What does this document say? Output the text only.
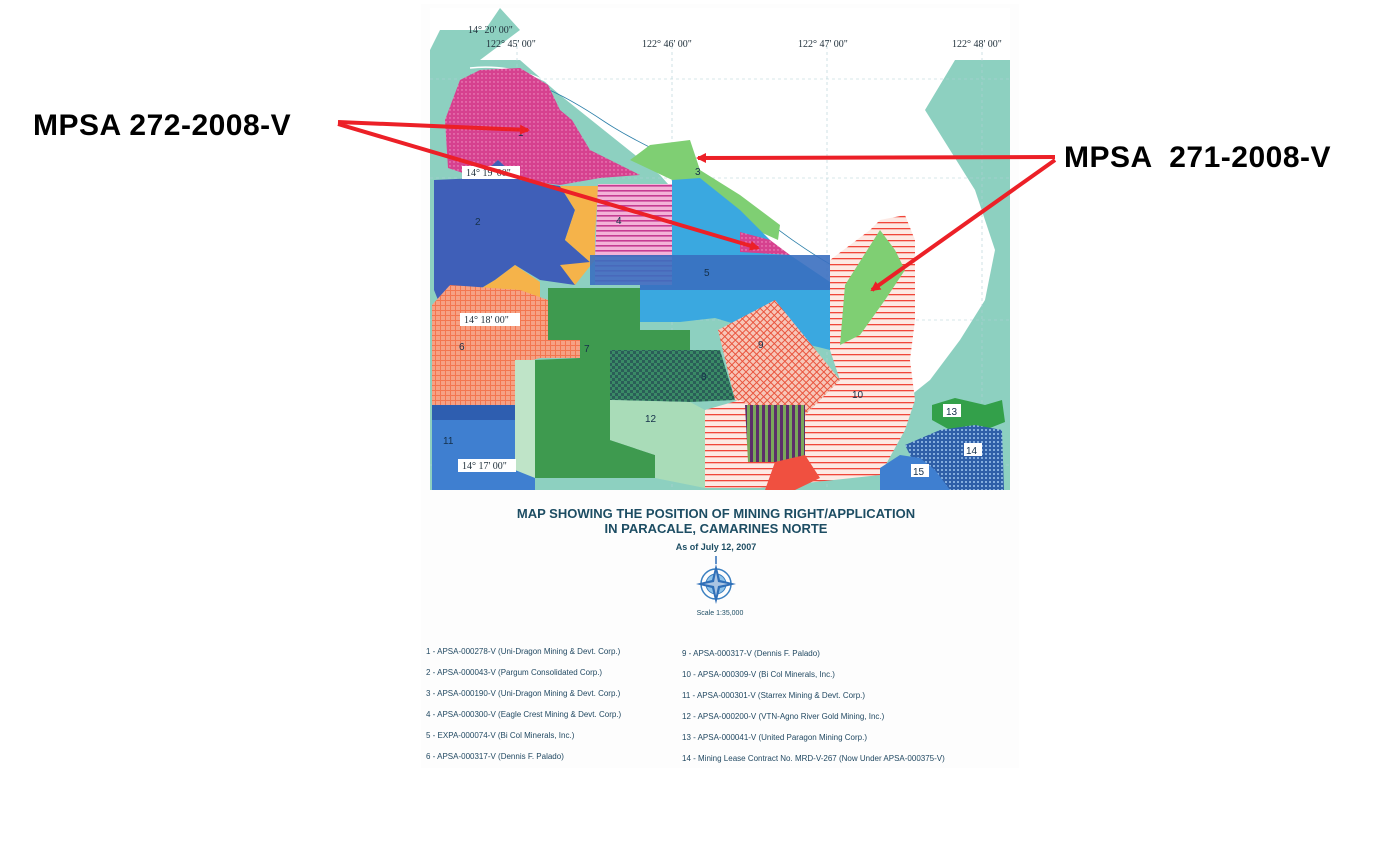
14° 20' 00"
122° 45' 00"	122° 46' 00"	122° 47' 00"	122° 48' 00"
14° 19' 00"
14° 18' 00"
14° 17' 00"
1
2
3
4
5
6	7
8
9
10
11
12
13
14
15
MPSA 272-2008-V
MPSA  271-2008-V
MAP SHOWING THE POSITION OF MINING RIGHT/APPLICATION
IN PARACALE, CAMARINES NORTE
As of July 12, 2007
Scale 1:35,000
1 - APSA-000278-V (Uni-Dragon Mining & Devt. Corp.)
2 - APSA-000043-V (Pargum Consolidated Corp.)
3 - APSA-000190-V (Uni-Dragon Mining & Devt. Corp.)
4 - APSA-000300-V (Eagle Crest Mining & Devt. Corp.)
5 - EXPA-000074-V (Bi Col Minerals, Inc.)
6 - APSA-000317-V (Dennis F. Palado)
9 - APSA-000317-V (Dennis F. Palado)
10 - APSA-000309-V (Bi Col Minerals, Inc.)
11 - APSA-000301-V (Starrex Mining & Devt. Corp.)
12 - APSA-000200-V (VTN-Agno River Gold Mining, Inc.)
13 - APSA-000041-V (United Paragon Mining Corp.)
14 - Mining Lease Contract No. MRD-V-267 (Now Under APSA-000375-V)
